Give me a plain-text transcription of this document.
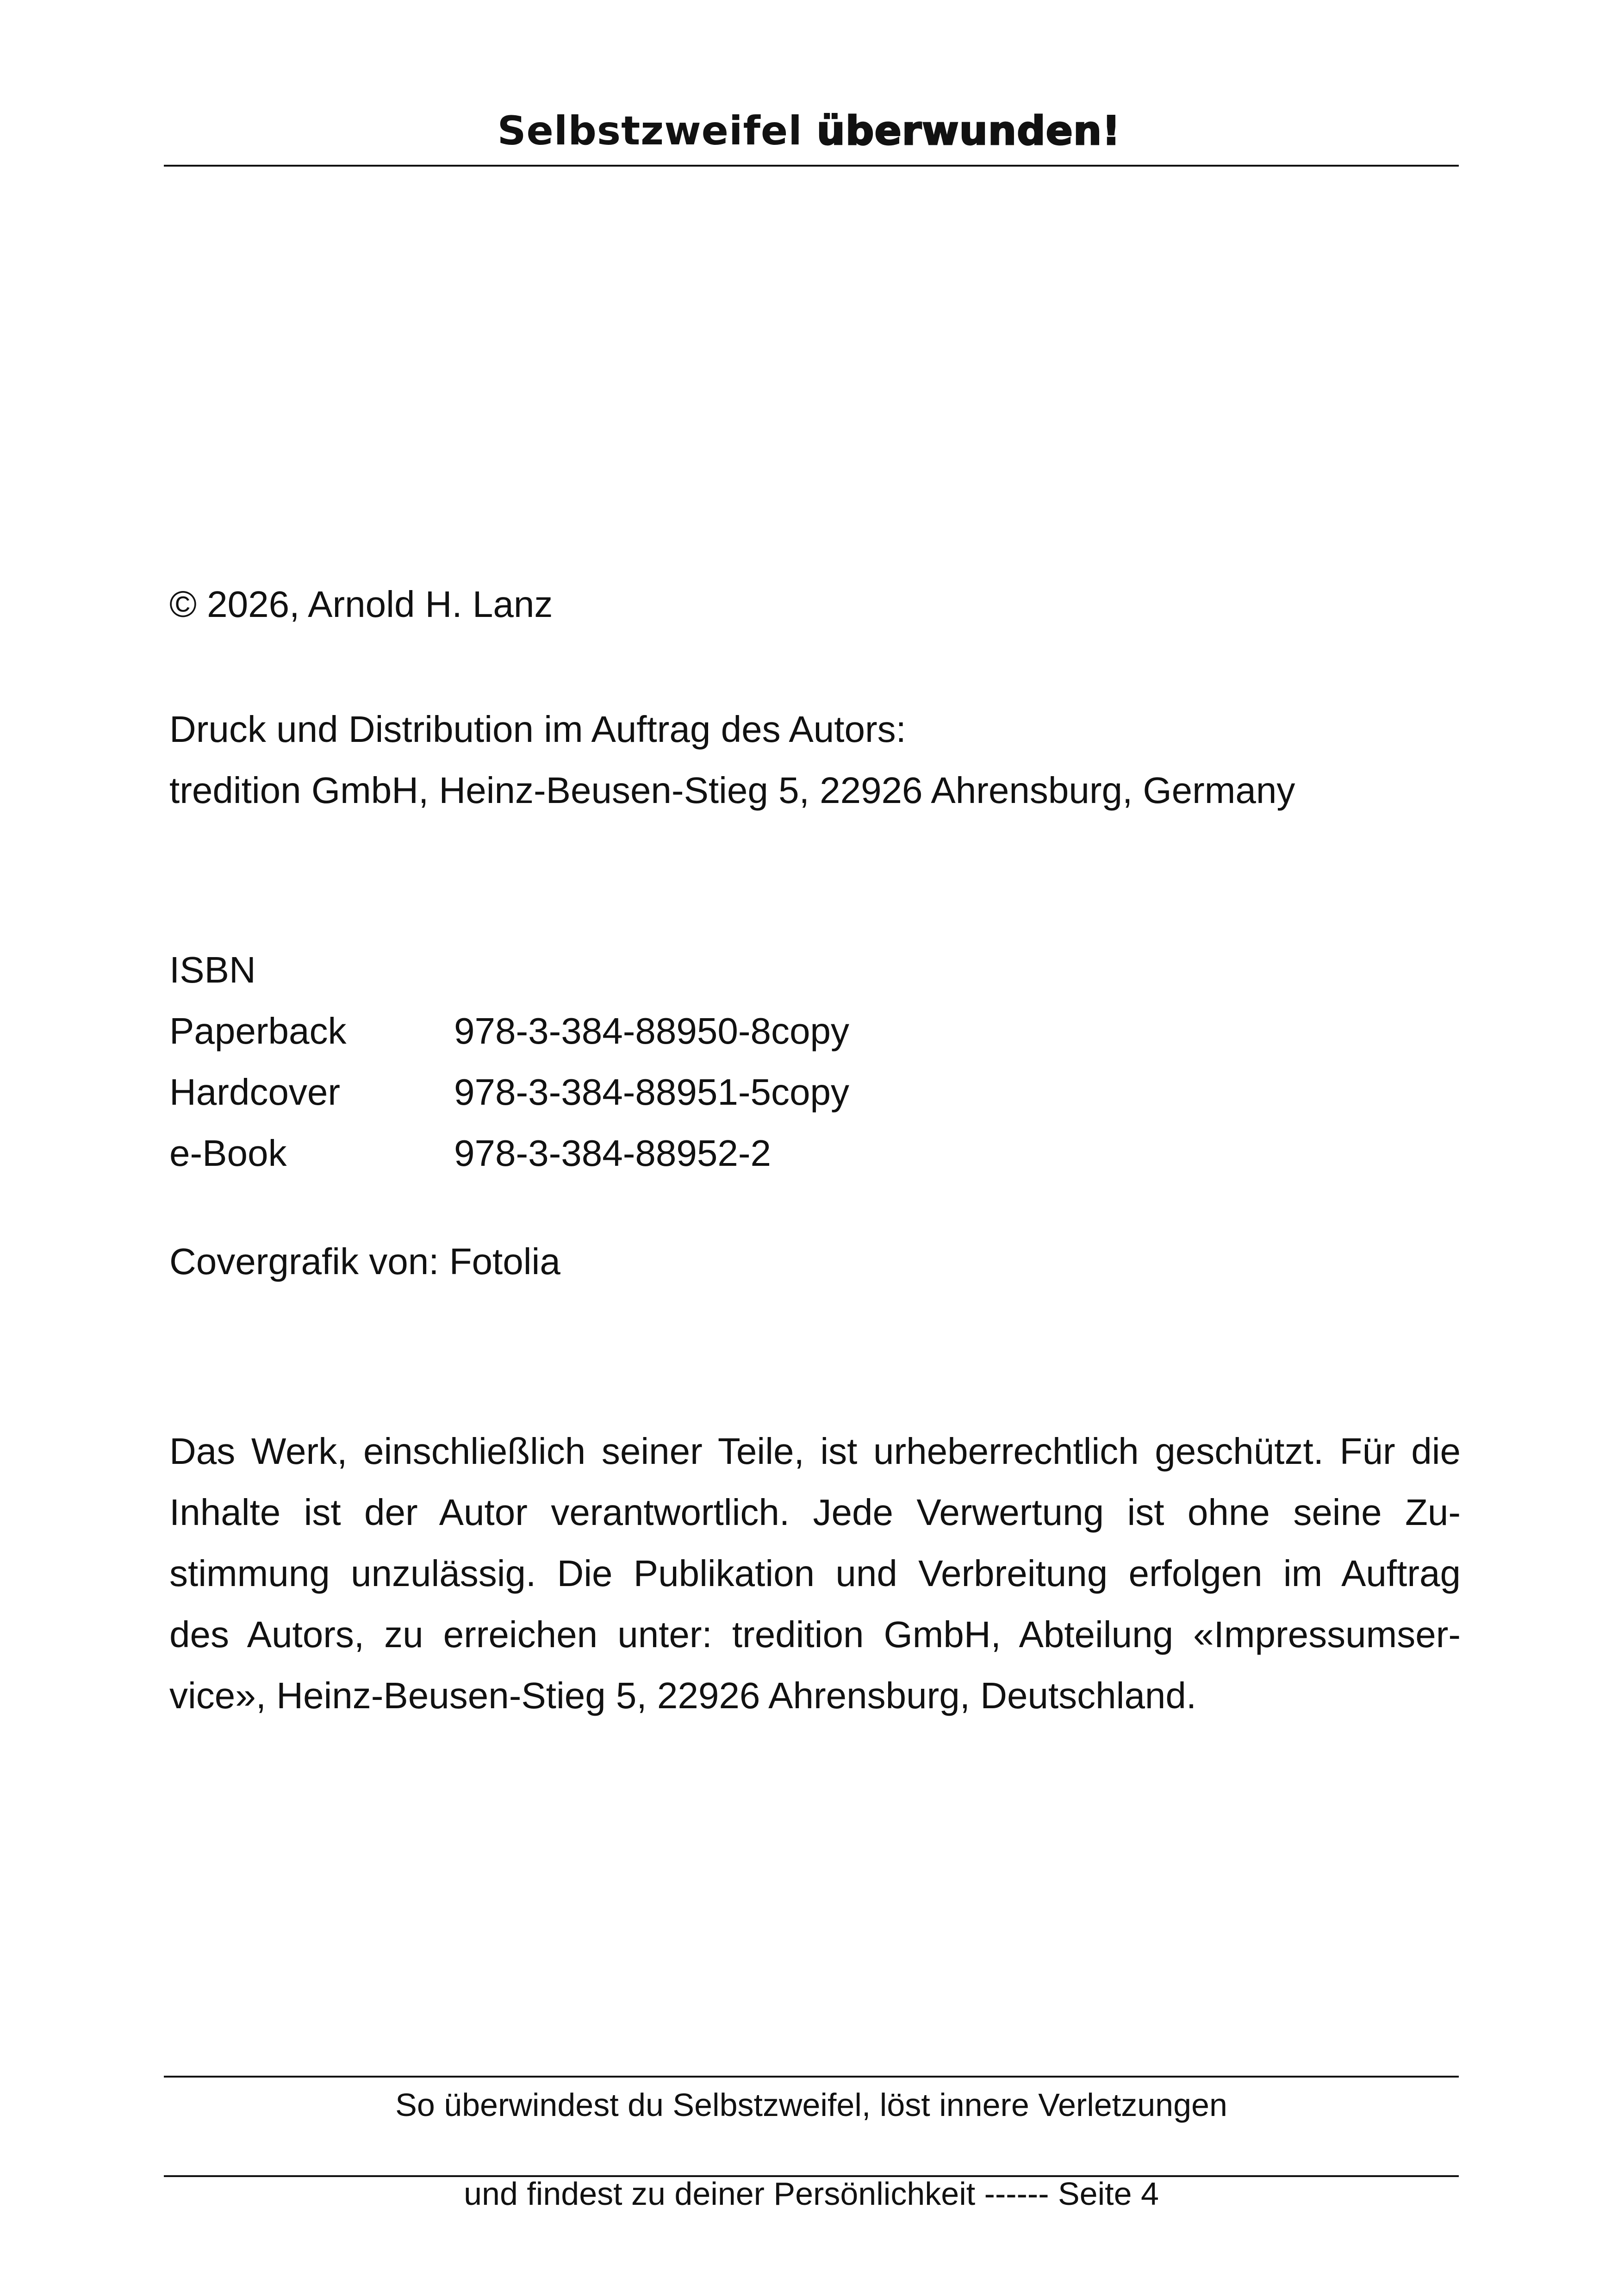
Selbstzweifel überwunden!
© 2026, Arnold H. Lanz
Druck und Distribution im Auftrag des Autors:
tredition GmbH, Heinz-Beusen-Stieg 5, 22926 Ahrensburg, Germany
ISBN
Paperback	978-3-384-88950-8copy
Hardcover	978-3-384-88951-5copy
e-Book	978-3-384-88952-2
Covergrafik von: Fotolia
Das Werk, einschließlich seiner Teile, ist urheberrechtlich geschützt. Für die
Inhalte ist der Autor verantwortlich. Jede Verwertung ist ohne seine Zu-
stimmung unzulässig. Die Publikation und Verbreitung erfolgen im Auftrag
des Autors, zu erreichen unter: tredition GmbH, Abteilung «Impressumser-
vice», Heinz-Beusen-Stieg 5, 22926 Ahrensburg, Deutschland.
So überwindest du Selbstzweifel, löst innere Verletzungen

und findest zu deiner Persönlichkeit ------ Seite 4
